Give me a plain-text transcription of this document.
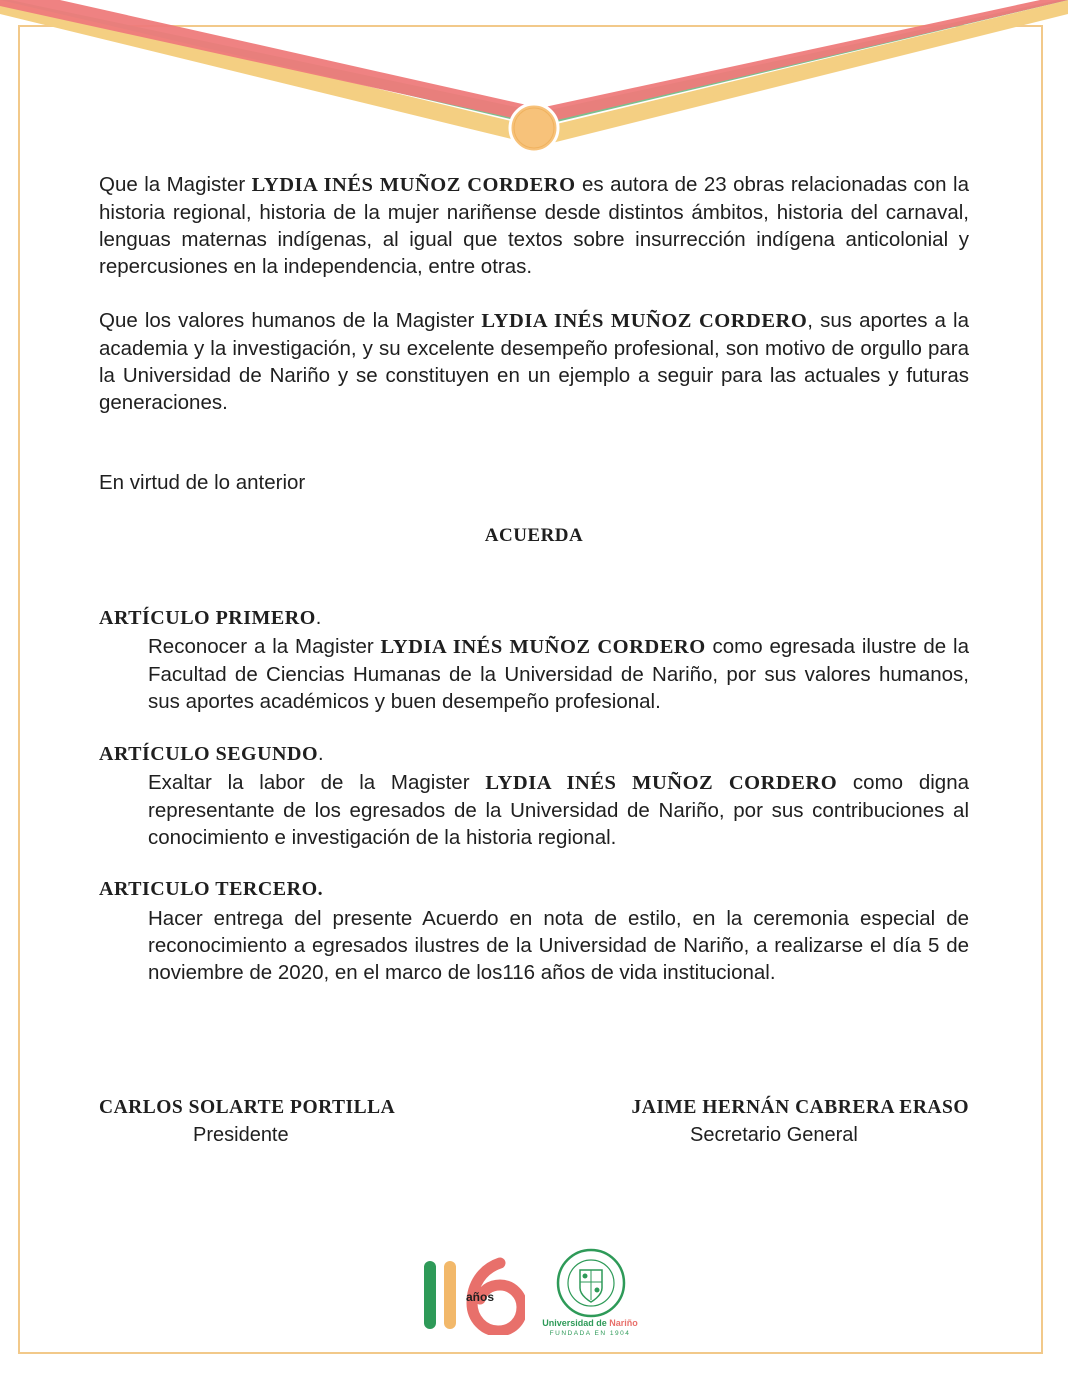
Que la Magister LYDIA INÉS MUÑOZ CORDERO es autora de 23 obras relacionadas con la historia regional, historia de la mujer nariñense desde distintos ámbitos, historia del carnaval, lenguas maternas indígenas, al igual que textos sobre insurrección indígena anticolonial y repercusiones en la independencia, entre otras.
Que los valores humanos de la Magister LYDIA INÉS MUÑOZ CORDERO, sus aportes a la academia y la investigación, y su excelente desempeño profesional, son motivo de orgullo para la Universidad de Nariño y se constituyen en un ejemplo a seguir para las actuales y futuras generaciones.
En virtud de lo anterior
ACUERDA
ARTÍCULO PRIMERO.
Reconocer a la Magister LYDIA INÉS MUÑOZ CORDERO como egresada ilustre de la Facultad de Ciencias Humanas de la Universidad de Nariño, por sus valores humanos, sus aportes académicos y buen desempeño profesional.
ARTÍCULO SEGUNDO.
Exaltar la labor de la Magister LYDIA INÉS MUÑOZ CORDERO como digna representante de los egresados de la Universidad de Nariño, por sus contribuciones al conocimiento e investigación de la historia regional.
ARTICULO TERCERO.
Hacer entrega del presente Acuerdo en nota de estilo, en la ceremonia especial de reconocimiento a egresados ilustres de la Universidad de Nariño, a realizarse el día 5 de noviembre de 2020, en el marco de los116 años de vida institucional.
CARLOS SOLARTE PORTILLA
Presidente
JAIME HERNÁN CABRERA ERASO
Secretario General
años
Universidad de Nariño
FUNDADA EN 1904
